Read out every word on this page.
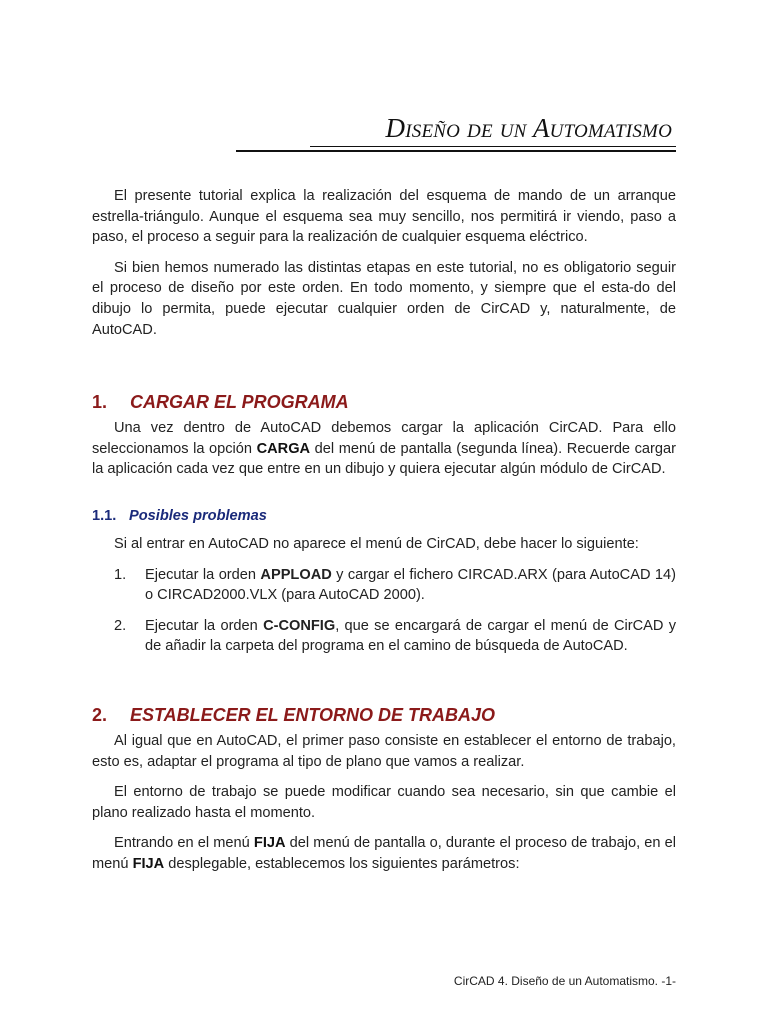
Diseño de un Automatismo

El presente tutorial explica la realización del esquema de mando de un arranque estrella-triángulo. Aunque el esquema sea muy sencillo, nos permitirá ir viendo, paso a paso, el proceso a seguir para la realización de cualquier esquema eléctrico.

Si bien hemos numerado las distintas etapas en este tutorial, no es obligatorio seguir el proceso de diseño por este orden. En todo momento, y siempre que el esta-do del dibujo lo permita, puede ejecutar cualquier orden de CirCAD y, naturalmente, de AutoCAD.

1. CARGAR EL PROGRAMA

Una vez dentro de AutoCAD debemos cargar la aplicación CirCAD. Para ello seleccionamos la opción CARGA del menú de pantalla (segunda línea). Recuerde cargar la aplicación cada vez que entre en un dibujo y quiera ejecutar algún módulo de CirCAD.

1.1. Posibles problemas

Si al entrar en AutoCAD no aparece el menú de CirCAD, debe hacer lo siguiente:

1. Ejecutar la orden APPLOAD y cargar el fichero CIRCAD.ARX (para AutoCAD 14) o CIRCAD2000.VLX (para AutoCAD 2000).
2. Ejecutar la orden C-CONFIG, que se encargará de cargar el menú de CirCAD y de añadir la carpeta del programa en el camino de búsqueda de AutoCAD.
2. ESTABLECER EL ENTORNO DE TRABAJO

Al igual que en AutoCAD, el primer paso consiste en establecer el entorno de trabajo, esto es, adaptar el programa al tipo de plano que vamos a realizar.

El entorno de trabajo se puede modificar cuando sea necesario, sin que cambie el plano realizado hasta el momento.

Entrando en el menú FIJA del menú de pantalla o, durante el proceso de trabajo, en el menú FIJA desplegable, establecemos los siguientes parámetros:

CirCAD 4. Diseño de un Automatismo. -1-
